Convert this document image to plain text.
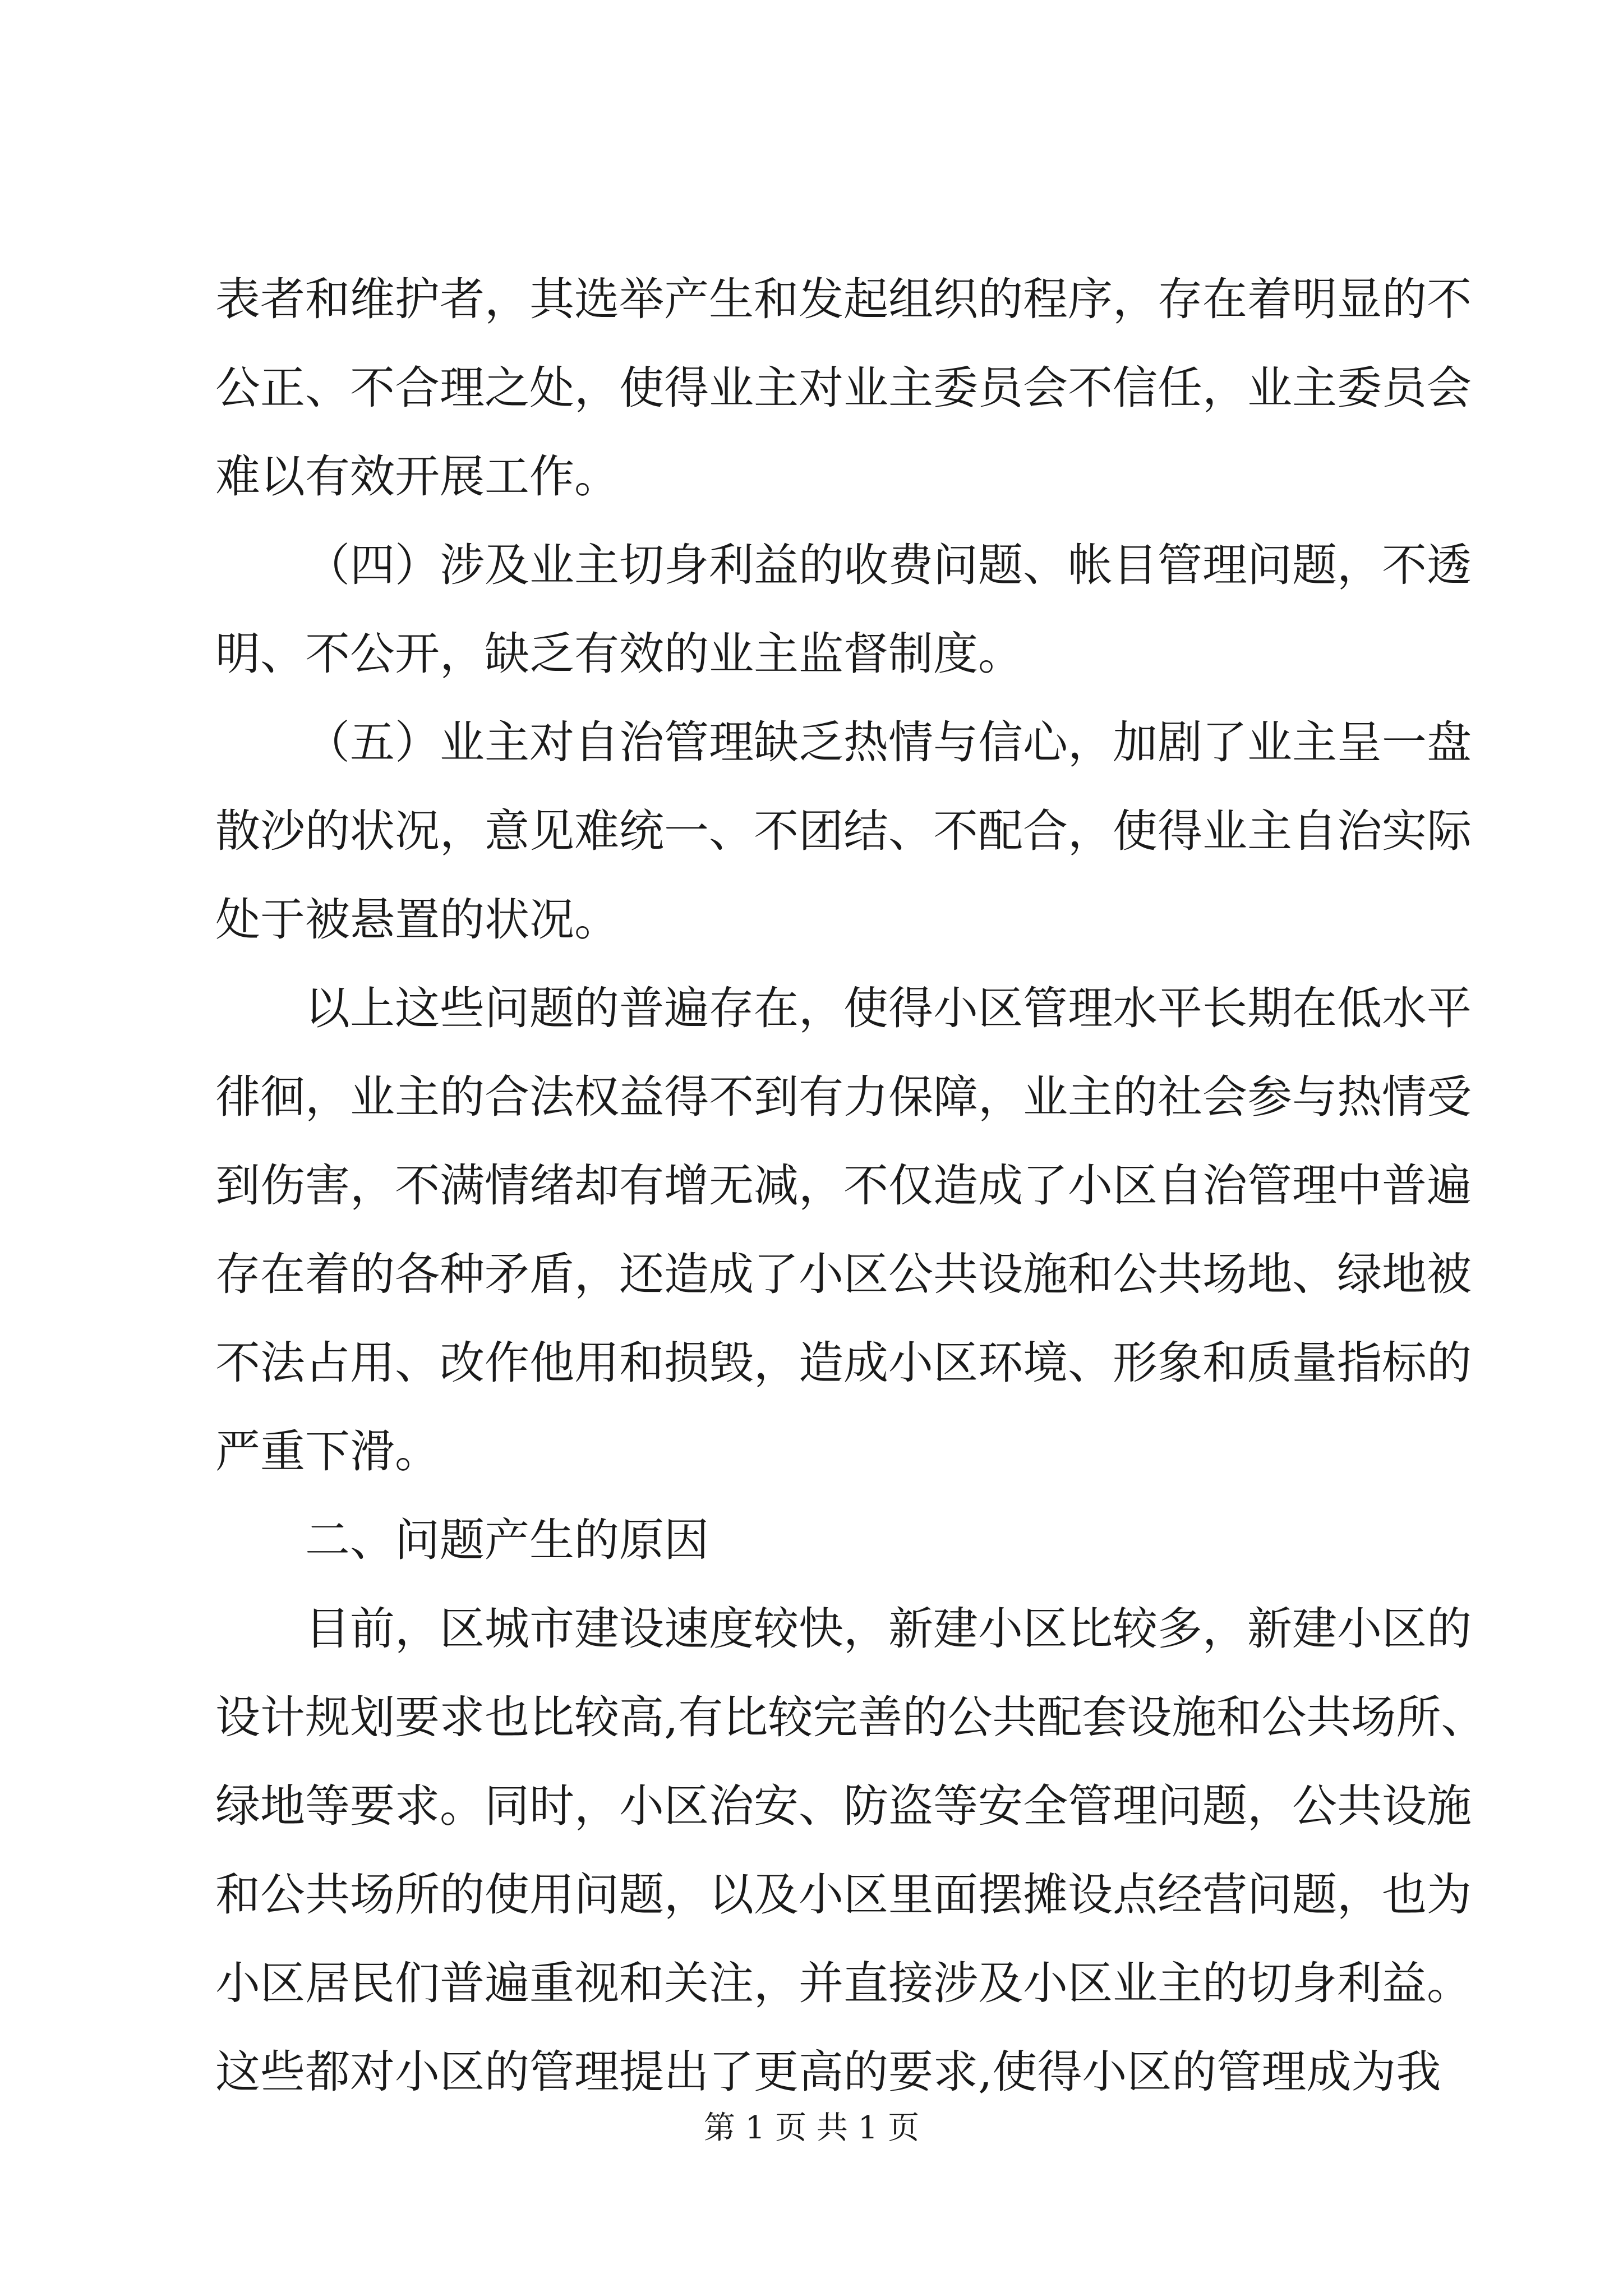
表者和维护者，其选举产生和发起组织的程序，存在着明显的不
公正、不合理之处，使得业主对业主委员会不信任，业主委员会
难以有效开展工作。
（四）涉及业主切身利益的收费问题、帐目管理问题，不透
明、不公开，缺乏有效的业主监督制度。
（五）业主对自治管理缺乏热情与信心，加剧了业主呈一盘
散沙的状况，意见难统一、不团结、不配合，使得业主自治实际
处于被悬置的状况。
以上这些问题的普遍存在，使得小区管理水平长期在低水平
徘徊，业主的合法权益得不到有力保障，业主的社会参与热情受
到伤害，不满情绪却有增无减，不仅造成了小区自治管理中普遍
存在着的各种矛盾，还造成了小区公共设施和公共场地、绿地被
不法占用、改作他用和损毁，造成小区环境、形象和质量指标的
严重下滑。
二、问题产生的原因
目前，区城市建设速度较快，新建小区比较多，新建小区的
设计规划要求也比较高,有比较完善的公共配套设施和公共场所、
绿地等要求。同时，小区治安、防盗等安全管理问题，公共设施
和公共场所的使用问题，以及小区里面摆摊设点经营问题，也为
小区居民们普遍重视和关注，并直接涉及小区业主的切身利益。
这些都对小区的管理提出了更高的要求,使得小区的管理成为我
第 1 页 共 1 页
